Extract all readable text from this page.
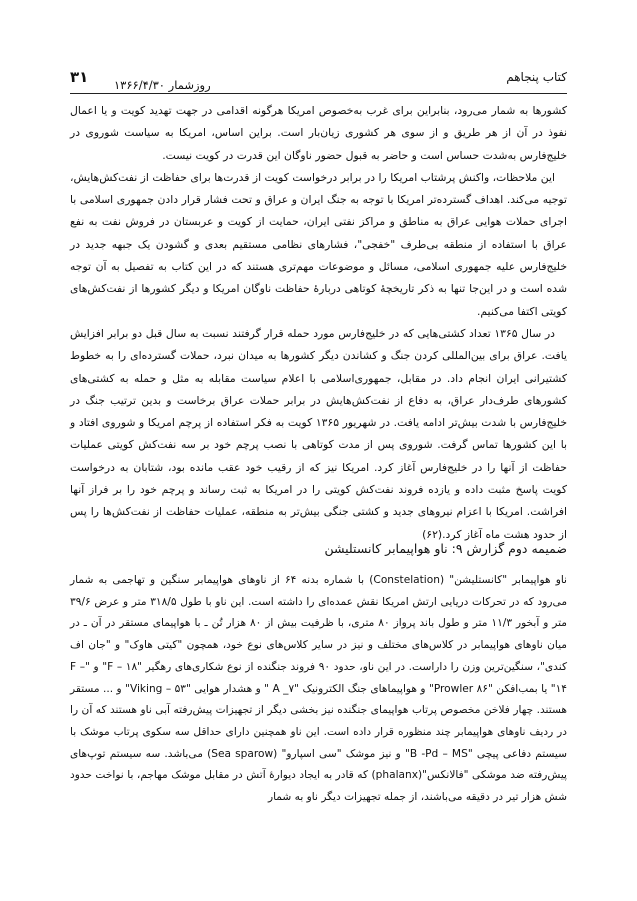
کتاب پنجاهم
روزشمار ۱۳۶۶/۴/۳۰
۳۱

کشورها به شمار می‌رود، بنابراین برای غرب به‌خصوص امریکا هرگونه اقدامی در جهت تهدید کویت و یا اعمال نفوذ در آن از هر طریق و از سوی هر کشوری زیان‌بار است. براین اساس، امریکا به سیاست شوروی در خلیج‌فارس به‌شدت حساس است و حاضر به قبول حضور ناوگان این قدرت در کویت نیست.

این ملاحظات، واکنش پرشتاب امریکا را در برابر درخواست کویت از قدرت‌ها برای حفاظت از نفت‌کش‌هایش، توجیه می‌کند. اهداف گسترده‌تر امریکا با توجه به جنگ ایران و عراق و تحت فشار قرار دادن جمهوری اسلامی با اجرای حملات هوایی عراق به مناطق و مراکز نفتی ایران، حمایت از کویت و عربستان در فروش نفت به نفع عراق با استفاده از منطقه بی‌طرف "خفجی"، فشارهای نظامی مستقیم بعدی و گشودن یک جبهه جدید در خلیج‌فارس علیه جمهوری اسلامی، مسائل و موضوعات مهم‌تری هستند که در این کتاب به تفصیل به آن توجه شده است و در این‌جا تنها به ذکر تاریخچهٔ کوتاهی دربارهٔ حفاظت ناوگان امریکا و دیگر کشورها از نفت‌کش‌های کویتی اکتفا می‌کنیم.

در سال ۱۳۶۵ تعداد کشتی‌هایی که در خلیج‌فارس مورد حمله قرار گرفتند نسبت به سال قبل دو برابر افزایش یافت. عراق برای بین‌المللی کردن جنگ و کشاندن دیگر کشورها به میدان نبرد، حملات گسترده‌ای را به خطوط کشتیرانی ایران انجام داد. در مقابل، جمهوری‌اسلامی با اعلام سیاست مقابله به مثل و حمله به کشتی‌های کشورهای طرف‌دار عراق، به دفاع از نفت‌کش‌هایش در برابر حملات عراق برخاست و بدین ترتیب جنگ در خلیج‌فارس با شدت بیش‌تر ادامه یافت. در شهریور ۱۳۶۵ کویت به فکر استفاده از پرچم امریکا و شوروی افتاد و با این کشورها تماس گرفت. شوروی پس از مدت کوتاهی با نصب پرچم خود بر سه نفت‌کش کویتی عملیات حفاظت از آنها را در خلیج‌فارس آغاز کرد. امریکا نیز که از رقیب خود عقب مانده بود، شتابان به درخواست کویت پاسخ مثبت داده و یازده فروند نفت‌کش کویتی را در امریکا به ثبت رساند و پرچم خود را بر فراز آنها افراشت. امریکا با اعزام نیروهای جدید و کشتی جنگی بیش‌تر به منطقه، عملیات حفاظت از نفت‌کش‌ها را پس از حدود هشت ماه آغاز کرد.(۶۲)

ضمیمه دوم گزارش ۹: ناو هواپیمابر کانستلیشن

ناو هواپیمابر "کانستلیشن" (Constelation) با شماره بدنه ۶۴ از ناوهای هواپیمابر سنگین و تهاجمی به شمار می‌رود که در تحرکات دریایی ارتش امریکا نقش عمده‌ای را داشته است. این ناو با طول ۳۱۸/۵ متر و عرض ۳۹/۶ متر و آبخور ۱۱/۳ متر و طول باند پرواز ۸۰ متری، با ظرفیت بیش از ۸۰ هزار تُن ـ با هواپیمای مستقر در آن ـ در میان ناوهای هواپیمابر در کلاس‌های مختلف و نیز در سایر کلاس‌های نوع خود، همچون "کیتی هاوک" و "جان اف کندی"، سنگین‌ترین وزن را داراست. در این ناو، حدود ۹۰ فروند جنگنده از نوع شکاری‌های رهگیر "F – ۱۸" و "F – ۱۴" یا بمب‌افکن "Prowler ۸۶" و هواپیماهای جنگ الکترونیک "A _۷ " و هشدار هوایی "Viking – ۵۳" و ... مستقر هستند. چهار فلاخن مخصوص پرتاب هواپیمای جنگنده نیز بخشی دیگر از تجهیزات پیش‌رفته آبی ناو هستند که آن را در ردیف ناوهای هواپیمابر چند منظوره قرار داده است. این ناو همچنین دارای حداقل سه سکوی پرتاب موشک با سیستم دفاعی پیچی "B -Pd – MS" و نیز موشک "سی اسپارو" (Sea sparow) می‌باشد. سه سیستم توپ‌های پیش‌رفته ضد موشکی "فالانکس"(phalanx) که قادر به ایجاد دیوارهٔ آتش در مقابل موشک مهاجم، با نواخت حدود شش هزار تیر در دقیقه می‌باشند، از جمله تجهیزات دیگر ناو به شمار
